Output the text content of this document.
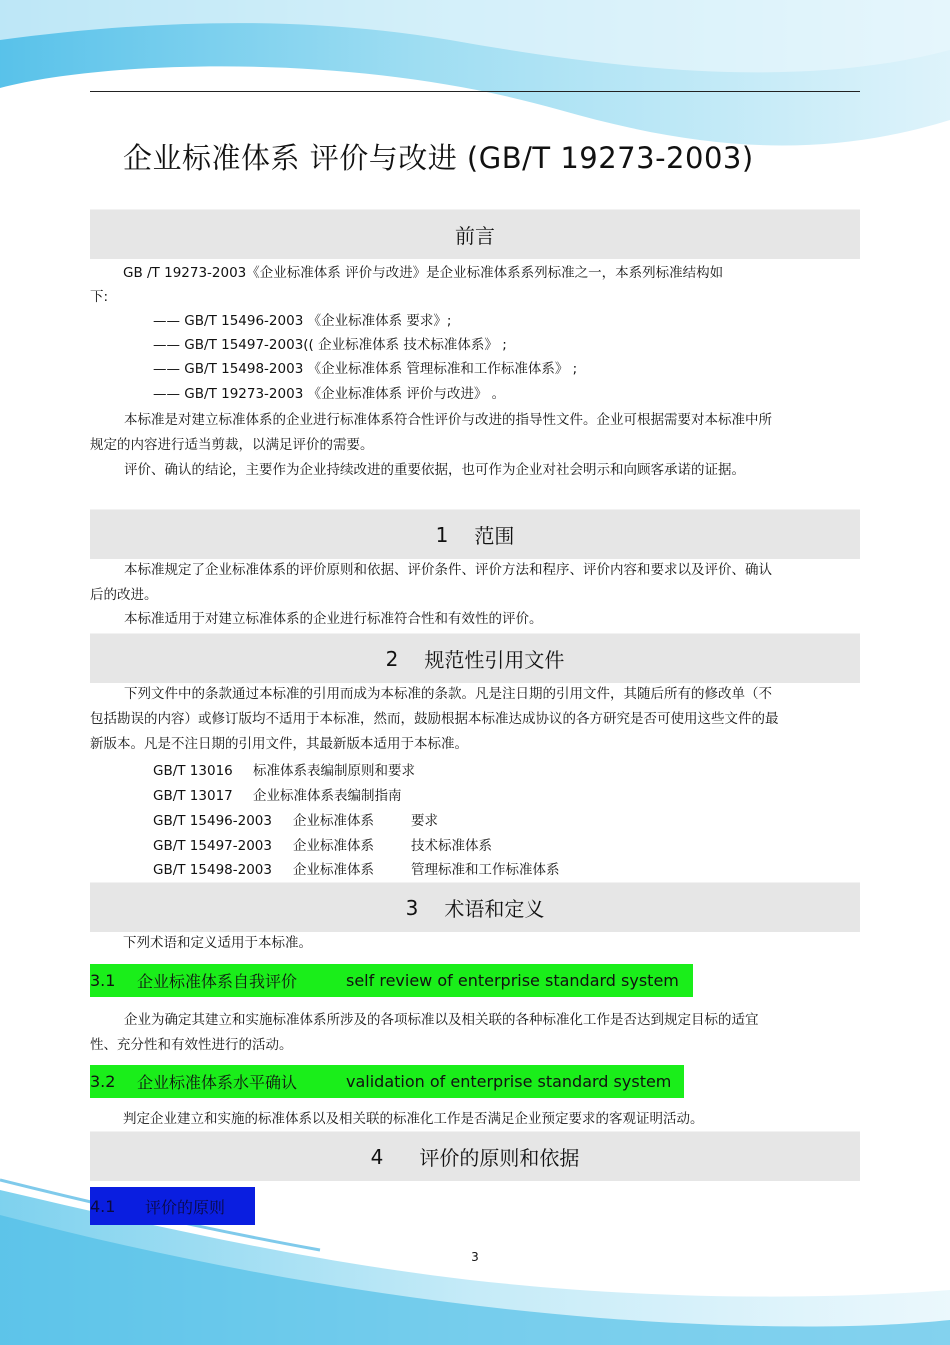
企业标准体系 评价与改进 (GB/T 19273-2003)
前言
GB /T 19273-2003《企业标准体系 评价与改进》是企业标准体系系列标准之一，本系列标准结构如
下:
—— GB/T 15496-2003 《企业标准体系 要求》;
—— GB/T 15497-2003(( 企业标准体系 技术标准体系》 ;
—— GB/T 15498-2003 《企业标准体系 管理标准和工作标准体系》 ;
—— GB/T 19273-2003 《企业标准体系 评价与改进》 。
本标准是对建立标准体系的企业进行标准体系符合性评价与改进的指导性文件。企业可根据需要对本标准中所规定的内容进行适当剪裁，以满足评价的需要。
评价、确认的结论，主要作为企业持续改进的重要依据，也可作为企业对社会明示和向顾客承诺的证据。
1 范围
本标准规定了企业标准体系的评价原则和依据、评价条件、评价方法和程序、评价内容和要求以及评价、确认后的改进。
本标准适用于对建立标准体系的企业进行标准符合性和有效性的评价。
2 规范性引用文件
下列文件中的条款通过本标准的引用而成为本标准的条款。凡是注日期的引用文件，其随后所有的修改单（不包括勘误的内容）或修订版均不适用于本标准，然而，鼓励根据本标准达成协议的各方研究是否可使用这些文件的最新版本。凡是不注日期的引用文件，其最新版本适用于本标准。
GB/T 13016 标准体系表编制原则和要求
GB/T 13017 企业标准体系表编制指南
GB/T 15496-2003 企业标准体系	要求
GB/T 15497-2003 企业标准体系	技术标准体系
GB/T 15498-2003 企业标准体系	管理标准和工作标准体系
3 术语和定义
下列术语和定义适用于本标准。
3.1	企业标准体系自我评价	self review of enterprise standard system
企业为确定其建立和实施标准体系所涉及的各项标准以及相关联的各种标准化工作是否达到规定目标的适宜性、充分性和有效性进行的活动。
3.2	企业标准体系水平确认	validation of enterprise standard system
判定企业建立和实施的标准体系以及相关联的标准化工作是否满足企业预定要求的客观证明活动。
4 评价的原则和依据
4.1	评价的原则
3
